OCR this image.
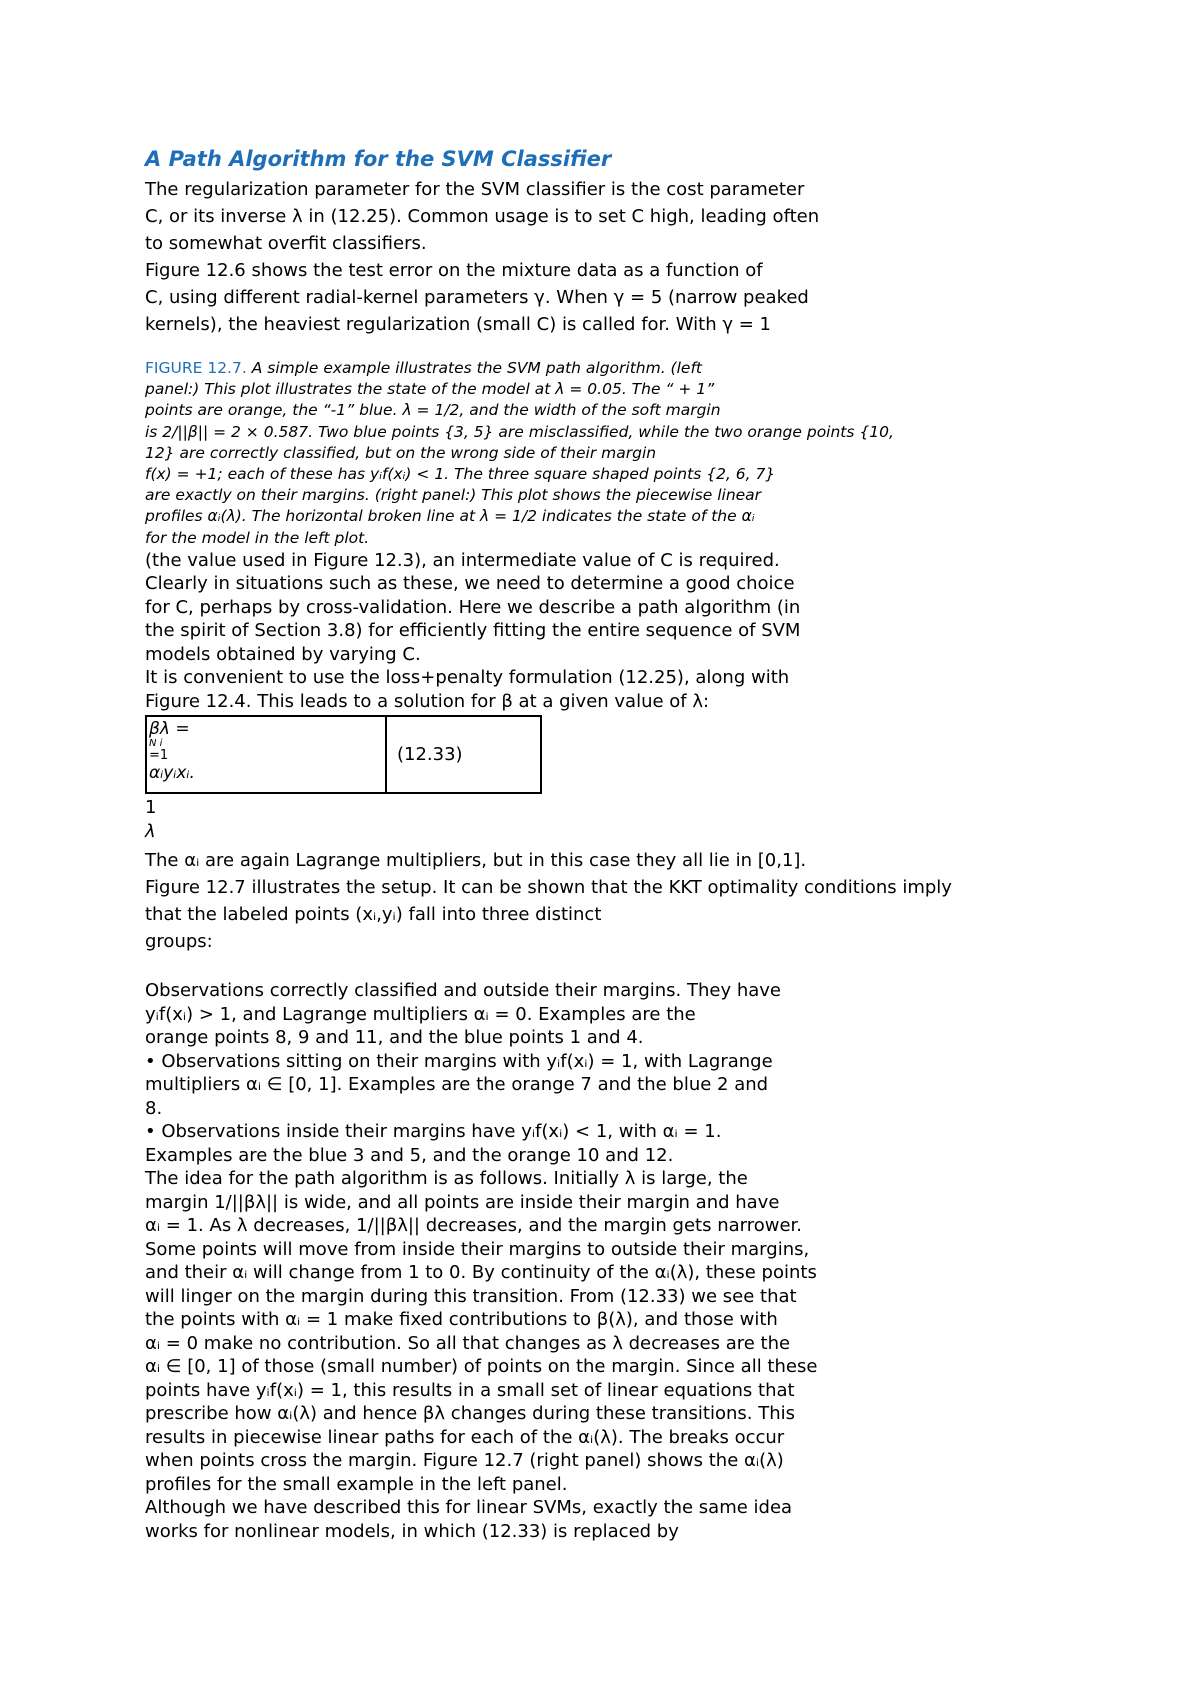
A Path Algorithm for the SVM Classifier
The regularization parameter for the SVM classifier is the cost parameter
C, or its inverse λ in (12.25). Common usage is to set C high, leading often
to somewhat overfit classifiers.
Figure 12.6 shows the test error on the mixture data as a function of
C, using different radial-kernel parameters γ. When γ = 5 (narrow peaked
kernels), the heaviest regularization (small C) is called for. With γ = 1
FIGURE 12.7. A simple example illustrates the SVM path algorithm. (left
panel:) This plot illustrates the state of the model at λ = 0.05. The “ + 1”
points are orange, the “-1” blue. λ = 1/2, and the width of the soft margin
is 2/||β|| = 2 × 0.587. Two blue points {3, 5} are misclassified, while the two orange points {10,
12} are correctly classified, but on the wrong side of their margin
f(x) = +1; each of these has yᵢf(xᵢ) < 1. The three square shaped points {2, 6, 7}
are exactly on their margins. (right panel:) This plot shows the piecewise linear
profiles αᵢ(λ). The horizontal broken line at λ = 1/2 indicates the state of the αᵢ
for the model in the left plot.
(the value used in Figure 12.3), an intermediate value of C is required.
Clearly in situations such as these, we need to determine a good choice
for C, perhaps by cross-validation. Here we describe a path algorithm (in
the spirit of Section 3.8) for efficiently fitting the entire sequence of SVM
models obtained by varying C.
It is convenient to use the loss+penalty formulation (12.25), along with
Figure 12.4. This leads to a solution for β at a given value of λ:
βλ =
N i
=1
αᵢyᵢxᵢ.
(12.33)
1
λ
The αᵢ are again Lagrange multipliers, but in this case they all lie in [0,1].
Figure 12.7 illustrates the setup. It can be shown that the KKT optimality conditions imply
that the labeled points (xᵢ,yᵢ) fall into three distinct
groups:
Observations correctly classified and outside their margins. They have
yᵢf(xᵢ) > 1, and Lagrange multipliers αᵢ = 0. Examples are the
orange points 8, 9 and 11, and the blue points 1 and 4.
• Observations sitting on their margins with yᵢf(xᵢ) = 1, with Lagrange
multipliers αᵢ ∈ [0, 1]. Examples are the orange 7 and the blue 2 and
8.
• Observations inside their margins have yᵢf(xᵢ) < 1, with αᵢ = 1.
Examples are the blue 3 and 5, and the orange 10 and 12.
The idea for the path algorithm is as follows. Initially λ is large, the
margin 1/||βλ|| is wide, and all points are inside their margin and have
αᵢ = 1. As λ decreases, 1/||βλ|| decreases, and the margin gets narrower.
Some points will move from inside their margins to outside their margins,
and their αᵢ will change from 1 to 0. By continuity of the αᵢ(λ), these points
will linger on the margin during this transition. From (12.33) we see that
the points with αᵢ = 1 make fixed contributions to β(λ), and those with
αᵢ = 0 make no contribution. So all that changes as λ decreases are the
αᵢ ∈ [0, 1] of those (small number) of points on the margin. Since all these
points have yᵢf(xᵢ) = 1, this results in a small set of linear equations that
prescribe how αᵢ(λ) and hence βλ changes during these transitions. This
results in piecewise linear paths for each of the αᵢ(λ). The breaks occur
when points cross the margin. Figure 12.7 (right panel) shows the αᵢ(λ)
profiles for the small example in the left panel.
Although we have described this for linear SVMs, exactly the same idea
works for nonlinear models, in which (12.33) is replaced by
